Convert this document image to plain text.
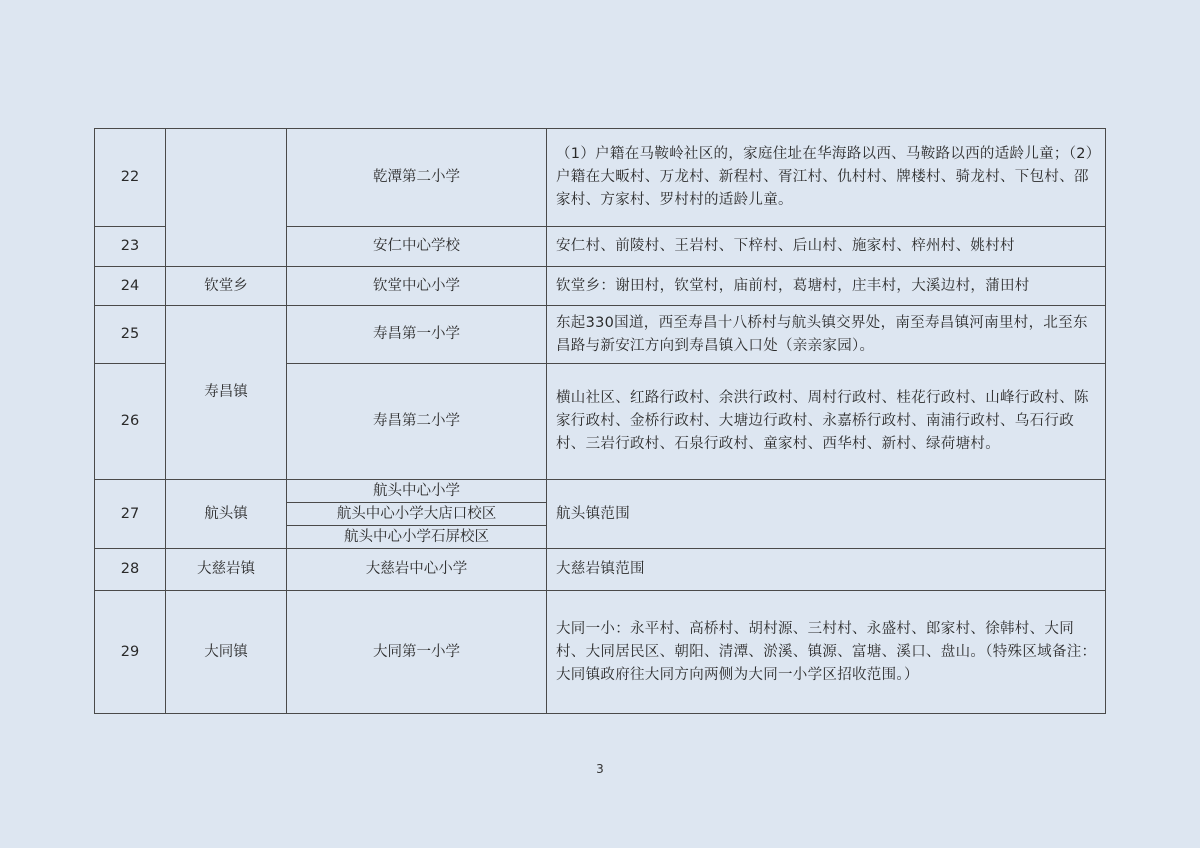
22		乾潭第二小学	（1）户籍在马鞍岭社区的，家庭住址在华海路以西、马鞍路以西的适龄儿童；（2）户籍在大畈村、万龙村、新程村、胥江村、仇村村、牌楼村、骑龙村、下包村、邵家村、方家村、罗村村的适龄儿童。
23		安仁中心学校	安仁村、前陵村、王岩村、下梓村、后山村、施家村、梓州村、姚村村
24	钦堂乡	钦堂中心小学	钦堂乡：谢田村，钦堂村，庙前村，葛塘村，庄丰村，大溪边村，蒲田村
25	寿昌镇	寿昌第一小学	东起330国道，西至寿昌十八桥村与航头镇交界处，南至寿昌镇河南里村，北至东昌路与新安江方向到寿昌镇入口处（亲亲家园）。
26		寿昌第二小学	横山社区、红路行政村、余洪行政村、周村行政村、桂花行政村、山峰行政村、陈家行政村、金桥行政村、大塘边行政村、永嘉桥行政村、南浦行政村、乌石行政村、三岩行政村、石泉行政村、童家村、西华村、新村、绿荷塘村。
27	航头镇	航头中心小学	航头镇范围
		航头中心小学大店口校区	
		航头中心小学石屏校区	
28	大慈岩镇	大慈岩中心小学	大慈岩镇范围
29	大同镇	大同第一小学	大同一小：永平村、高桥村、胡村源、三村村、永盛村、郎家村、徐韩村、大同村、大同居民区、朝阳、清潭、淤溪、镇源、富塘、溪口、盘山。（特殊区域备注：大同镇政府往大同方向两侧为大同一小学区招收范围。）
3
